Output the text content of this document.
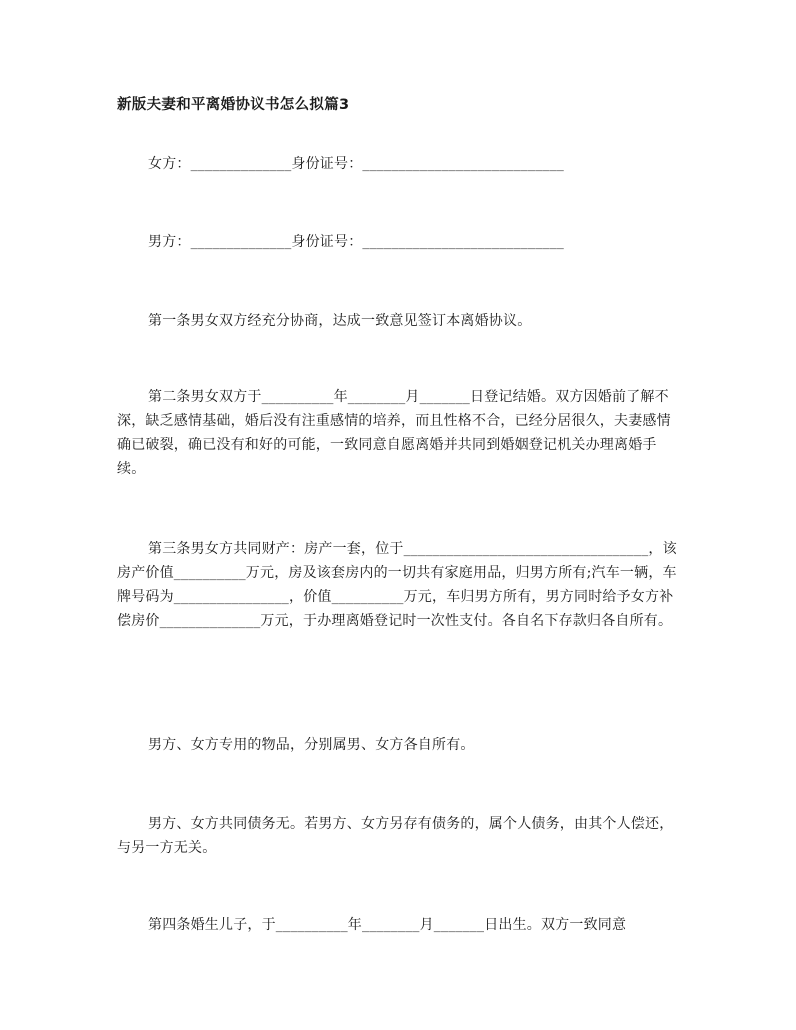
新版夫妻和平离婚协议书怎么拟篇3
女方：______________身份证号：____________________________
男方：______________身份证号：____________________________
第一条男女双方经充分协商，达成一致意见签订本离婚协议。
第二条男女双方于__________年________月_______日登记结婚。双方因婚前了解不深，缺乏感情基础，婚后没有注重感情的培养，而且性格不合，已经分居很久，夫妻感情确已破裂，确已没有和好的可能，一致同意自愿离婚并共同到婚姻登记机关办理离婚手续。
第三条男女方共同财产：房产一套，位于__________________________________，该房产价值__________万元，房及该套房内的一切共有家庭用品，归男方所有;汽车一辆，车牌号码为________________，价值__________万元，车归男方所有，男方同时给予女方补偿房价______________万元，于办理离婚登记时一次性支付。各自名下存款归各自所有。
男方、女方专用的物品，分别属男、女方各自所有。
男方、女方共同债务无。若男方、女方另存有债务的，属个人债务，由其个人偿还，与另一方无关。
第四条婚生儿子，于__________年________月_______日出生。双方一致同意
